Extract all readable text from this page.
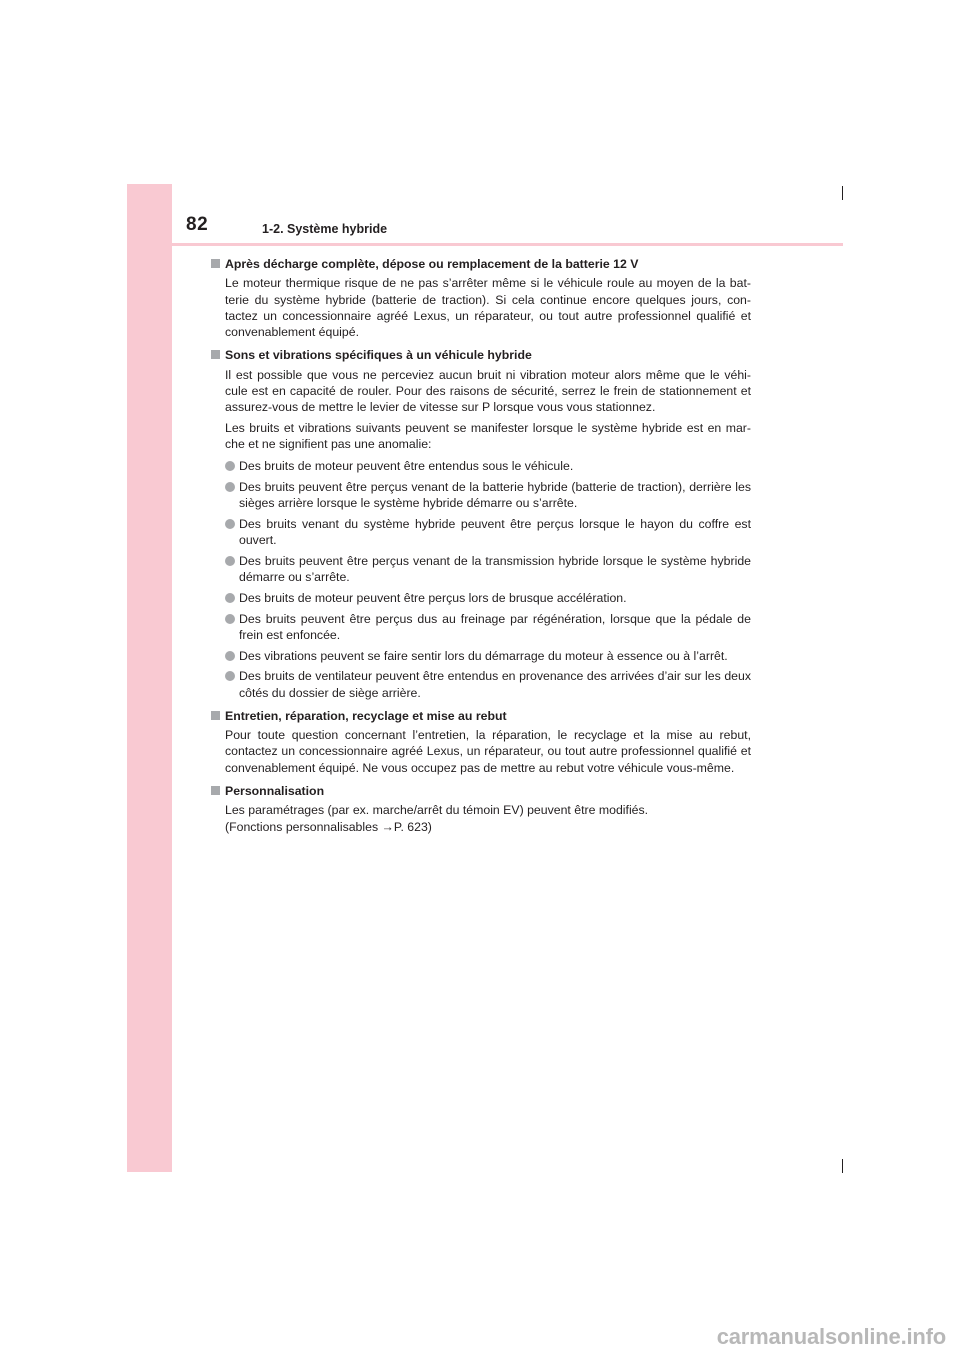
82	1-2. Système hybride
Après décharge complète, dépose ou remplacement de la batterie 12 V

Le moteur thermique risque de ne pas s’arrêter même si le véhicule roule au moyen de la bat-terie du système hybride (batterie de traction). Si cela continue encore quelques jours, con-tactez un concessionnaire agréé Lexus, un réparateur, ou tout autre professionnel qualifié et convenablement équipé.

Sons et vibrations spécifiques à un véhicule hybride

Il est possible que vous ne perceviez aucun bruit ni vibration moteur alors même que le véhi-cule est en capacité de rouler. Pour des raisons de sécurité, serrez le frein de stationnement et assurez-vous de mettre le levier de vitesse sur P lorsque vous vous stationnez.

Les bruits et vibrations suivants peuvent se manifester lorsque le système hybride est en mar-che et ne signifient pas une anomalie:

Des bruits de moteur peuvent être entendus sous le véhicule.

Des bruits peuvent être perçus venant de la batterie hybride (batterie de traction), derrière les sièges arrière lorsque le système hybride démarre ou s’arrête.

Des bruits venant du système hybride peuvent être perçus lorsque le hayon du coffre est ouvert.

Des bruits peuvent être perçus venant de la transmission hybride lorsque le système hybride démarre ou s’arrête.

Des bruits de moteur peuvent être perçus lors de brusque accélération.

Des bruits peuvent être perçus dus au freinage par régénération, lorsque que la pédale de frein est enfoncée.

Des vibrations peuvent se faire sentir lors du démarrage du moteur à essence ou à l’arrêt.

Des bruits de ventilateur peuvent être entendus en provenance des arrivées d’air sur les deux côtés du dossier de siège arrière.

Entretien, réparation, recyclage et mise au rebut

Pour toute question concernant l’entretien, la réparation, le recyclage et la mise au rebut, contactez un concessionnaire agréé Lexus, un réparateur, ou tout autre professionnel qualifié et convenablement équipé. Ne vous occupez pas de mettre au rebut votre véhicule vous-même.

Personnalisation

Les paramétrages (par ex. marche/arrêt du témoin EV) peuvent être modifiés.

(Fonctions personnalisables →P. 623)

carmanualsonline.info
